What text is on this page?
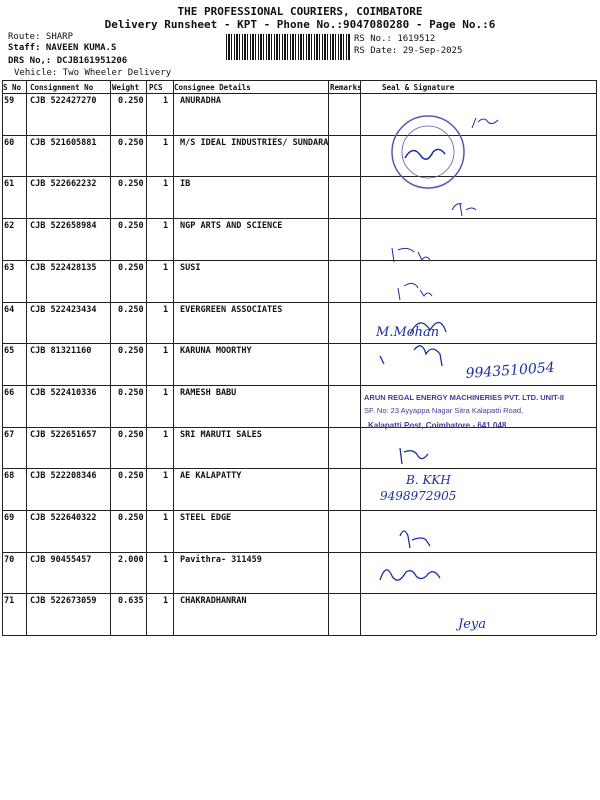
THE PROFESSIONAL COURIERS, COIMBATORE
Delivery Runsheet - KPT - Phone No.:9047080280 - Page No.:6
Route: SHARP
Staff: NAVEEN KUMA.S
DRS No,: DCJB161951206
Vehicle: Two Wheeler Delivery
RS No.: 1619512
RS Date: 29-Sep-2025
S No Consignment No	Weight PCS Consignee Details	Remarks	Seal & Signature
59 CJB 522427270	0.250 1 ANURADHA
60 CJB 521605881	0.250 1 M/S IDEAL INDUSTRIES/ SUNDARA
61 CJB 522662232	0.250 1 IB
62 CJB 522658984	0.250 1 NGP ARTS AND SCIENCE
63 CJB 522428135	0.250 1 SUSI
64 CJB 522423434	0.250 1 EVERGREEN ASSOCIATES
65 CJB 81321160	0.250 1 KARUNA MOORTHY
66 CJB 522410336	0.250 1 RAMESH BABU
67 CJB 522651657	0.250 1 SRI MARUTI SALES
68 CJB 522208346	0.250 1 AE KALAPATTY
69 CJB 522640322	0.250 1 STEEL EDGE
70 CJB 90455457	2.000 1 Pavithra- 311459
71 CJB 522673059	0.635 1 CHAKRADHANRAN
M.Mohan
9943510054
ARUN REGAL ENERGY MACHINERIES PVT. LTD. UNIT-II
SF. No: 23 Ayyappa Nagar Sitra Kalapatti Road,
Kalapatti Post, Coimbatore - 641 048
B. KKH
9498972905
Jeya
